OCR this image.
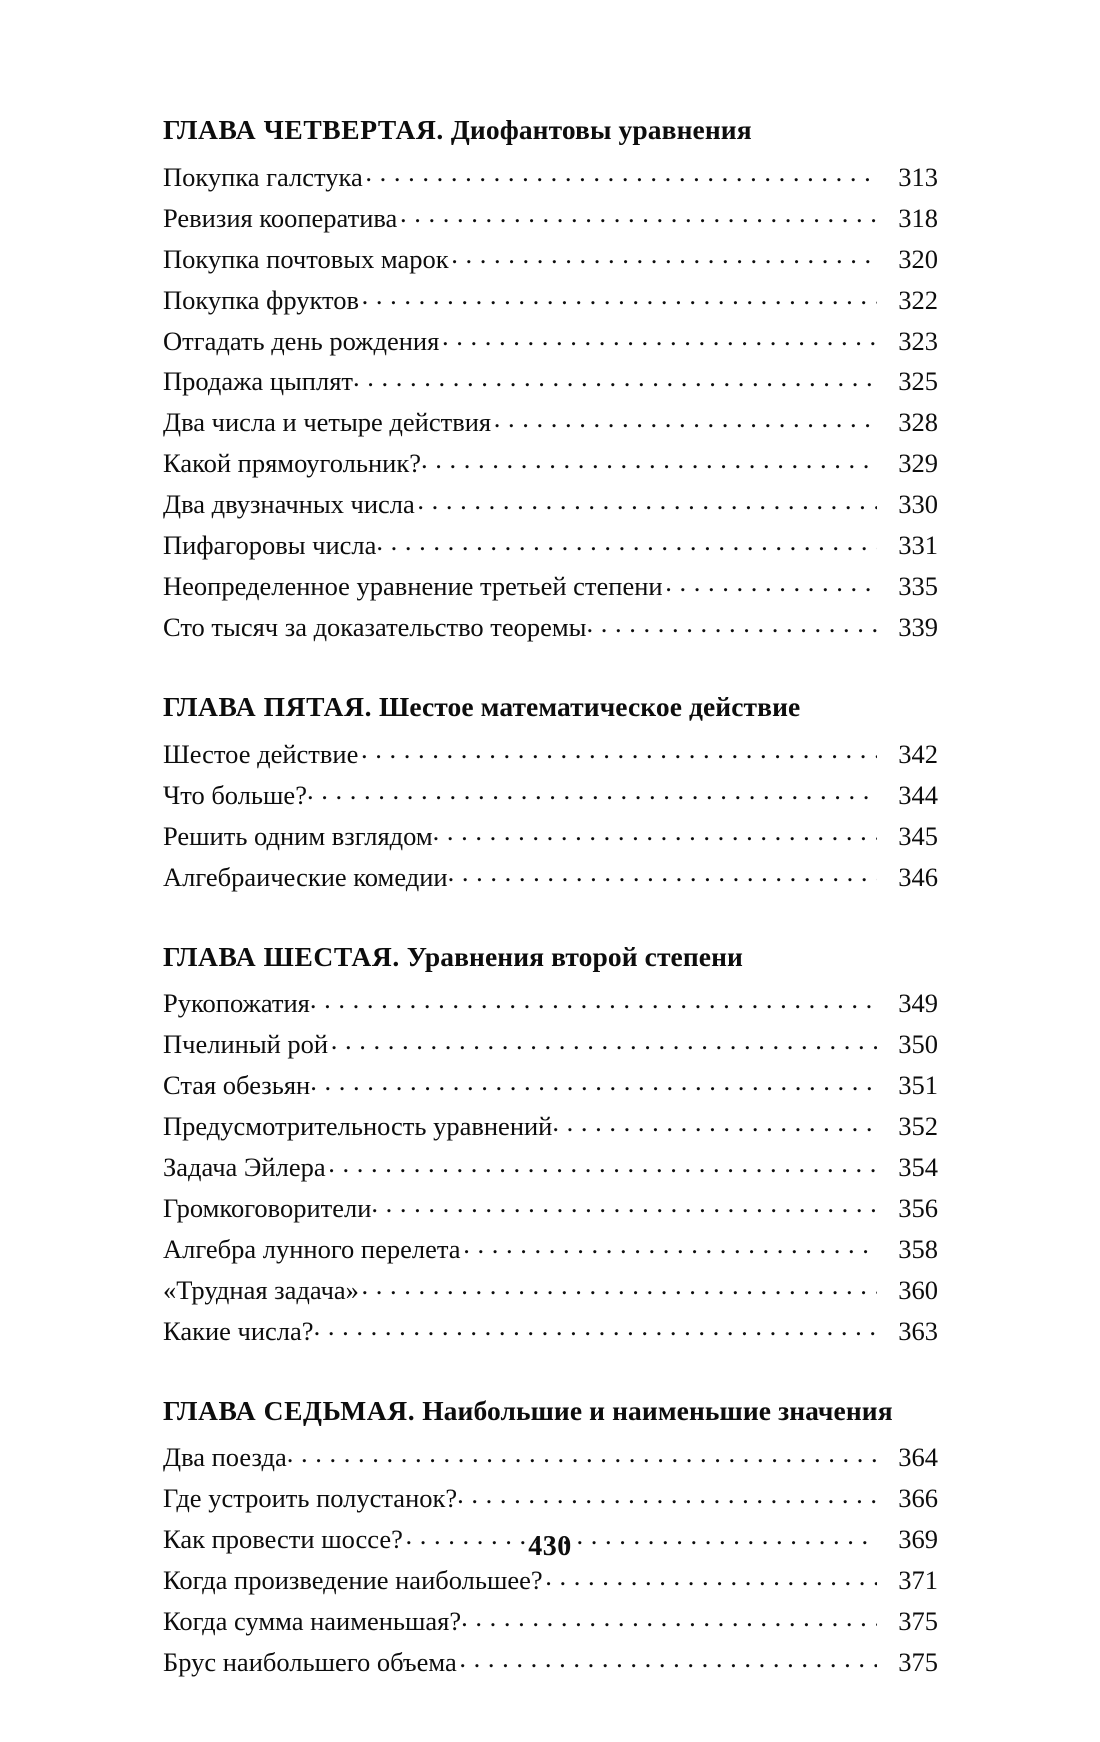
ГЛАВА ЧЕТВЕРТАЯ. Диофантовы уравнения
Покупка галстука . . .	313
Ревизия кооператива . . .	318
Покупка почтовых марок . . .	320
Покупка фруктов . . .	322
Отгадать день рождения . . .	323
Продажа цыплят . . .	325
Два числа и четыре действия . . .	328
Какой прямоугольник? . . .	329
Два двузначных числа . . .	330
Пифагоровы числа . . .	331
Неопределенное уравнение третьей степени . . .	335
Сто тысяч за доказательство теоремы . . .	339
ГЛАВА ПЯТАЯ. Шестое математическое действие
Шестое действие . . .	342
Что больше? . . .	344
Решить одним взглядом . . .	345
Алгебраические комедии . . .	346
ГЛАВА ШЕСТАЯ. Уравнения второй степени
Рукопожатия . . .	349
Пчелиный рой . . .	350
Стая обезьян . . .	351
Предусмотрительность уравнений . . .	352
Задача Эйлера . . .	354
Громкоговорители . . .	356
Алгебра лунного перелета . . .	358
«Трудная задача» . . .	360
Какие числа? . . .	363
ГЛАВА СЕДЬМАЯ. Наибольшие и наименьшие значения
Два поезда . . .	364
Где устроить полустанок? . . .	366
Как провести шоссе? . . .	369
Когда произведение наибольшее? . . .	371
Когда сумма наименьшая? . . .	375
Брус наибольшего объема . . .	375
430
